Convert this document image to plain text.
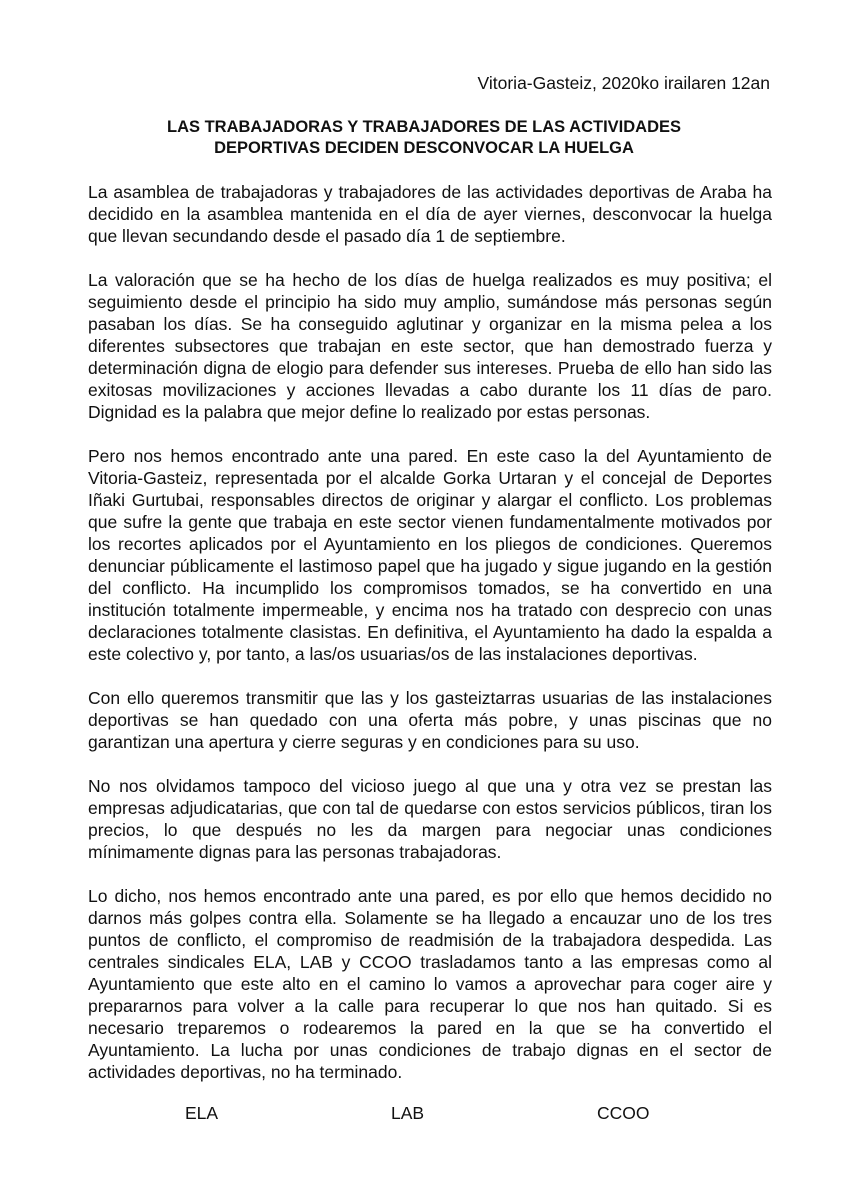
Vitoria-Gasteiz, 2020ko irailaren 12an
LAS TRABAJADORAS Y TRABAJADORES DE LAS ACTIVIDADES
DEPORTIVAS DECIDEN DESCONVOCAR LA HUELGA

La asamblea de trabajadoras y trabajadores de las actividades deportivas de Araba ha decidido en la asamblea mantenida en el día de ayer viernes, desconvocar la huelga que llevan secundando desde el pasado día 1 de septiembre.

La valoración que se ha hecho de los días de huelga realizados es muy positiva; el seguimiento desde el principio ha sido muy amplio, sumándose más personas según pasaban los días. Se ha conseguido aglutinar y organizar en la misma pelea a los diferentes subsectores que trabajan en este sector, que han demostrado fuerza y determinación digna de elogio para defender sus intereses. Prueba de ello han sido las exitosas movilizaciones y acciones llevadas a cabo durante los 11 días de paro. Dignidad es la palabra que mejor define lo realizado por estas personas.

Pero nos hemos encontrado ante una pared. En este caso la del Ayuntamiento de Vitoria-Gasteiz, representada por el alcalde Gorka Urtaran y el concejal de Deportes Iñaki Gurtubai, responsables directos de originar y alargar el conflicto. Los problemas que sufre la gente que trabaja en este sector vienen fundamentalmente motivados por los recortes aplicados por el Ayuntamiento en los pliegos de condiciones. Queremos denunciar públicamente el lastimoso papel que ha jugado y sigue jugando en la gestión del conflicto. Ha incumplido los compromisos tomados, se ha convertido en una institución totalmente impermeable, y encima nos ha tratado con desprecio con unas declaraciones totalmente clasistas. En definitiva, el Ayuntamiento ha dado la espalda a este colectivo y, por tanto, a las/os usuarias/os de las instalaciones deportivas.

Con ello queremos transmitir que las y los gasteiztarras usuarias de las instalaciones deportivas se han quedado con una oferta más pobre, y unas piscinas que no garantizan una apertura y cierre seguras y en condiciones para su uso.

No nos olvidamos tampoco del vicioso juego al que una y otra vez se prestan las empresas adjudicatarias, que con tal de quedarse con estos servicios públicos, tiran los precios, lo que después no les da margen para negociar unas condiciones mínimamente dignas para las personas trabajadoras.

Lo dicho, nos hemos encontrado ante una pared, es por ello que hemos decidido no darnos más golpes contra ella. Solamente se ha llegado a encauzar uno de los tres puntos de conflicto, el compromiso de readmisión de la trabajadora despedida. Las centrales sindicales ELA, LAB y CCOO trasladamos tanto a las empresas como al Ayuntamiento que este alto en el camino lo vamos a aprovechar para coger aire y prepararnos para volver a la calle para recuperar lo que nos han quitado. Si es necesario treparemos o rodearemos la pared en la que se ha convertido el Ayuntamiento. La lucha por unas condiciones de trabajo dignas en el sector de actividades deportivas, no ha terminado.

ELA	LAB	CCOO
